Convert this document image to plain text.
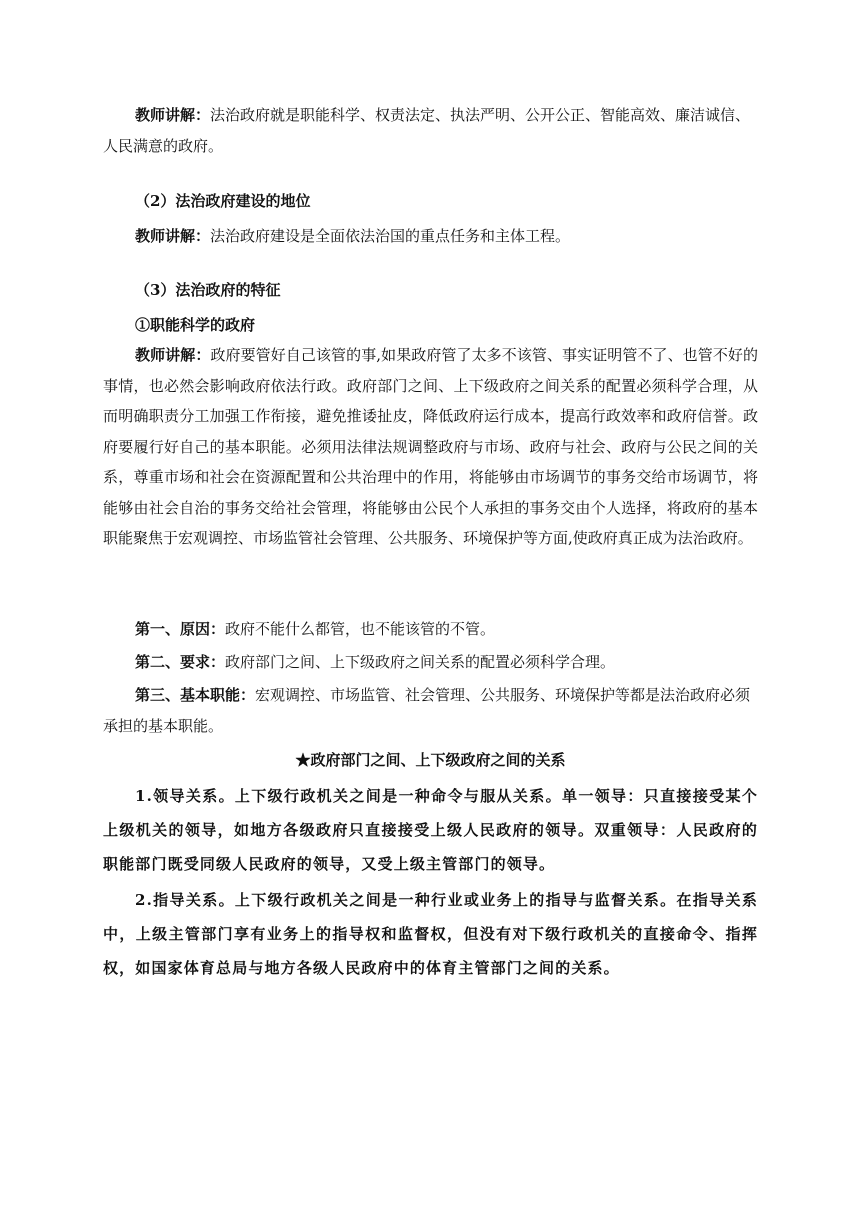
教师讲解：法治政府就是职能科学、权责法定、执法严明、公开公正、智能高效、廉洁诚信、人民满意的政府。

（2）法治政府建设的地位

教师讲解：法治政府建设是全面依法治国的重点任务和主体工程。

（3）法治政府的特征

①职能科学的政府

教师讲解：政府要管好自己该管的事,如果政府管了太多不该管、事实证明管不了、也管不好的事情，也必然会影响政府依法行政。政府部门之间、上下级政府之间关系的配置必须科学合理，从而明确职责分工加强工作衔接，避免推诿扯皮，降低政府运行成本，提高行政效率和政府信誉。政府要履行好自己的基本职能。必须用法律法规调整政府与市场、政府与社会、政府与公民之间的关系，尊重市场和社会在资源配置和公共治理中的作用，将能够由市场调节的事务交给市场调节，将能够由社会自治的事务交给社会管理，将能够由公民个人承担的事务交由个人选择，将政府的基本职能聚焦于宏观调控、市场监管社会管理、公共服务、环境保护等方面,使政府真正成为法治政府。

第一、原因：政府不能什么都管，也不能该管的不管。

第二、要求：政府部门之间、上下级政府之间关系的配置必须科学合理。

第三、基本职能：宏观调控、市场监管、社会管理、公共服务、环境保护等都是法治政府必须承担的基本职能。

★政府部门之间、上下级政府之间的关系

1.领导关系。上下级行政机关之间是一种命令与服从关系。单一领导：只直接接受某个上级机关的领导，如地方各级政府只直接接受上级人民政府的领导。双重领导：人民政府的职能部门既受同级人民政府的领导，又受上级主管部门的领导。

2.指导关系。上下级行政机关之间是一种行业或业务上的指导与监督关系。在指导关系中，上级主管部门享有业务上的指导权和监督权，但没有对下级行政机关的直接命令、指挥权，如国家体育总局与地方各级人民政府中的体育主管部门之间的关系。
